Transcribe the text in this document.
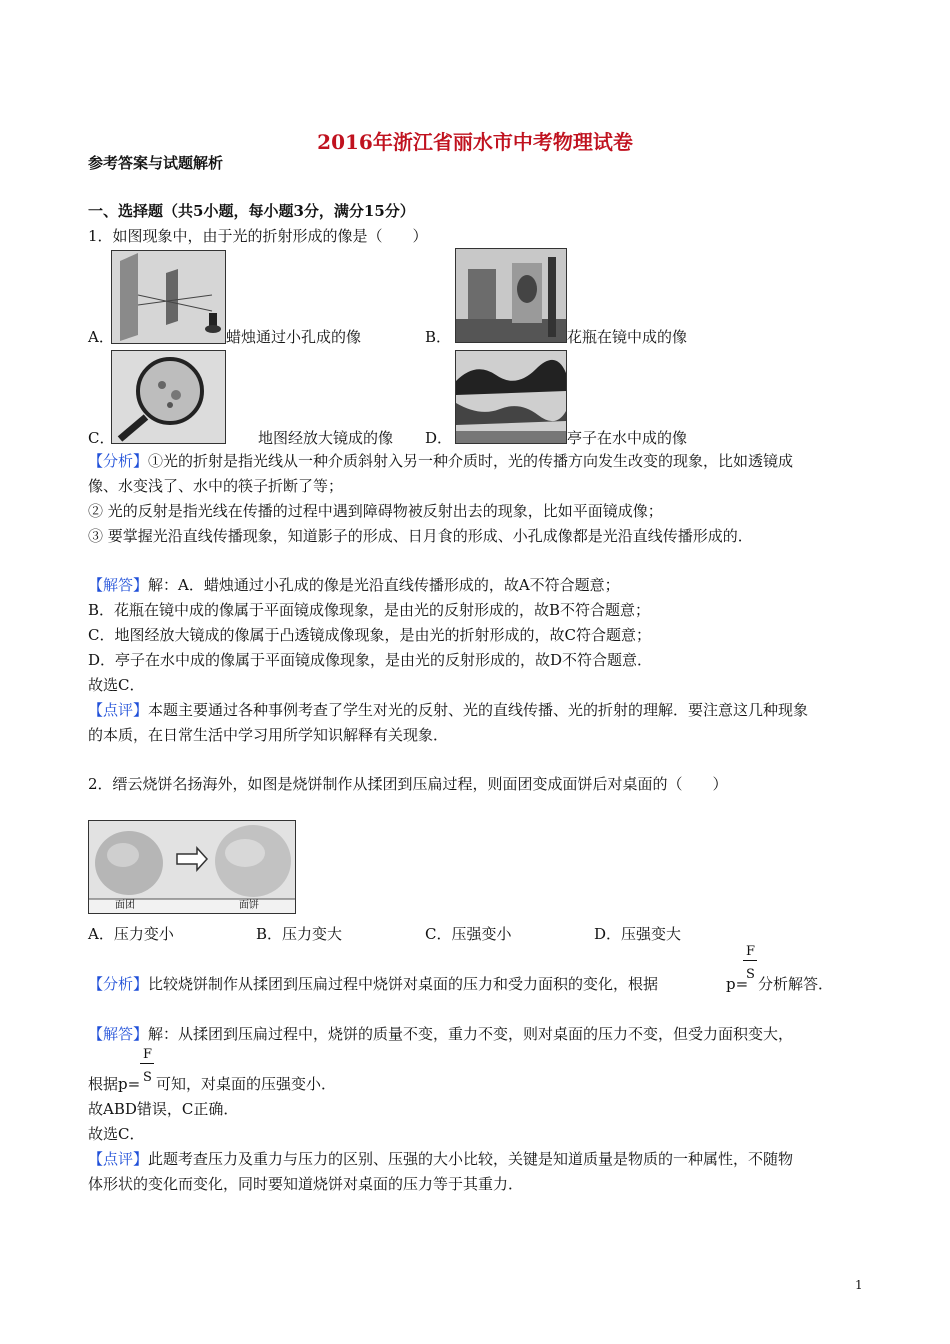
2016年浙江省丽水市中考物理试卷
参考答案与试题解析
一、选择题（共5小题，每小题3分，满分15分）
1．如图现象中，由于光的折射形成的像是（　　）
A．	蜡烛通过小孔成的像	B．	花瓶在镜中成的像
C．	地图经放大镜成的像 D．	亭子在水中成的像
【分析】①光的折射是指光线从一种介质斜射入另一种介质时，光的传播方向发生改变的现象，比如透镜成
像、水变浅了、水中的筷子折断了等；
② 光的反射是指光线在传播的过程中遇到障碍物被反射出去的现象，比如平面镜成像；
③ 要掌握光沿直线传播现象，知道影子的形成、日月食的形成、小孔成像都是光沿直线传播形成的．
【解答】解：A．蜡烛通过小孔成的像是光沿直线传播形成的，故A不符合题意；
B．花瓶在镜中成的像属于平面镜成像现象，是由光的反射形成的，故B不符合题意；
C．地图经放大镜成的像属于凸透镜成像现象，是由光的折射形成的，故C符合题意；
D．亭子在水中成的像属于平面镜成像现象，是由光的反射形成的，故D不符合题意．
故选C．
【点评】本题主要通过各种事例考查了学生对光的反射、光的直线传播、光的折射的理解．要注意这几种现象
的本质，在日常生活中学习用所学知识解释有关现象．
2．缙云烧饼名扬海外，如图是烧饼制作从揉团到压扁过程，则面团变成面饼后对桌面的（　　）
面团	面饼
A．压力变小	B．压力变大	C．压强变小	D．压强变大
【分析】比较烧饼制作从揉团到压扁过程中烧饼对桌面的压力和受力面积的变化，根据	p=
F
S
分析解答．
【解答】解：从揉团到压扁过程中，烧饼的质量不变，重力不变，则对桌面的压力不变，但受力面积变大，
F
S
根据p= 可知，对桌面的压强变小．
故ABD错误，C正确．
故选C．
【点评】此题考查压力及重力与压力的区别、压强的大小比较，关键是知道质量是物质的一种属性，不随物
体形状的变化而变化，同时要知道烧饼对桌面的压力等于其重力．
1
